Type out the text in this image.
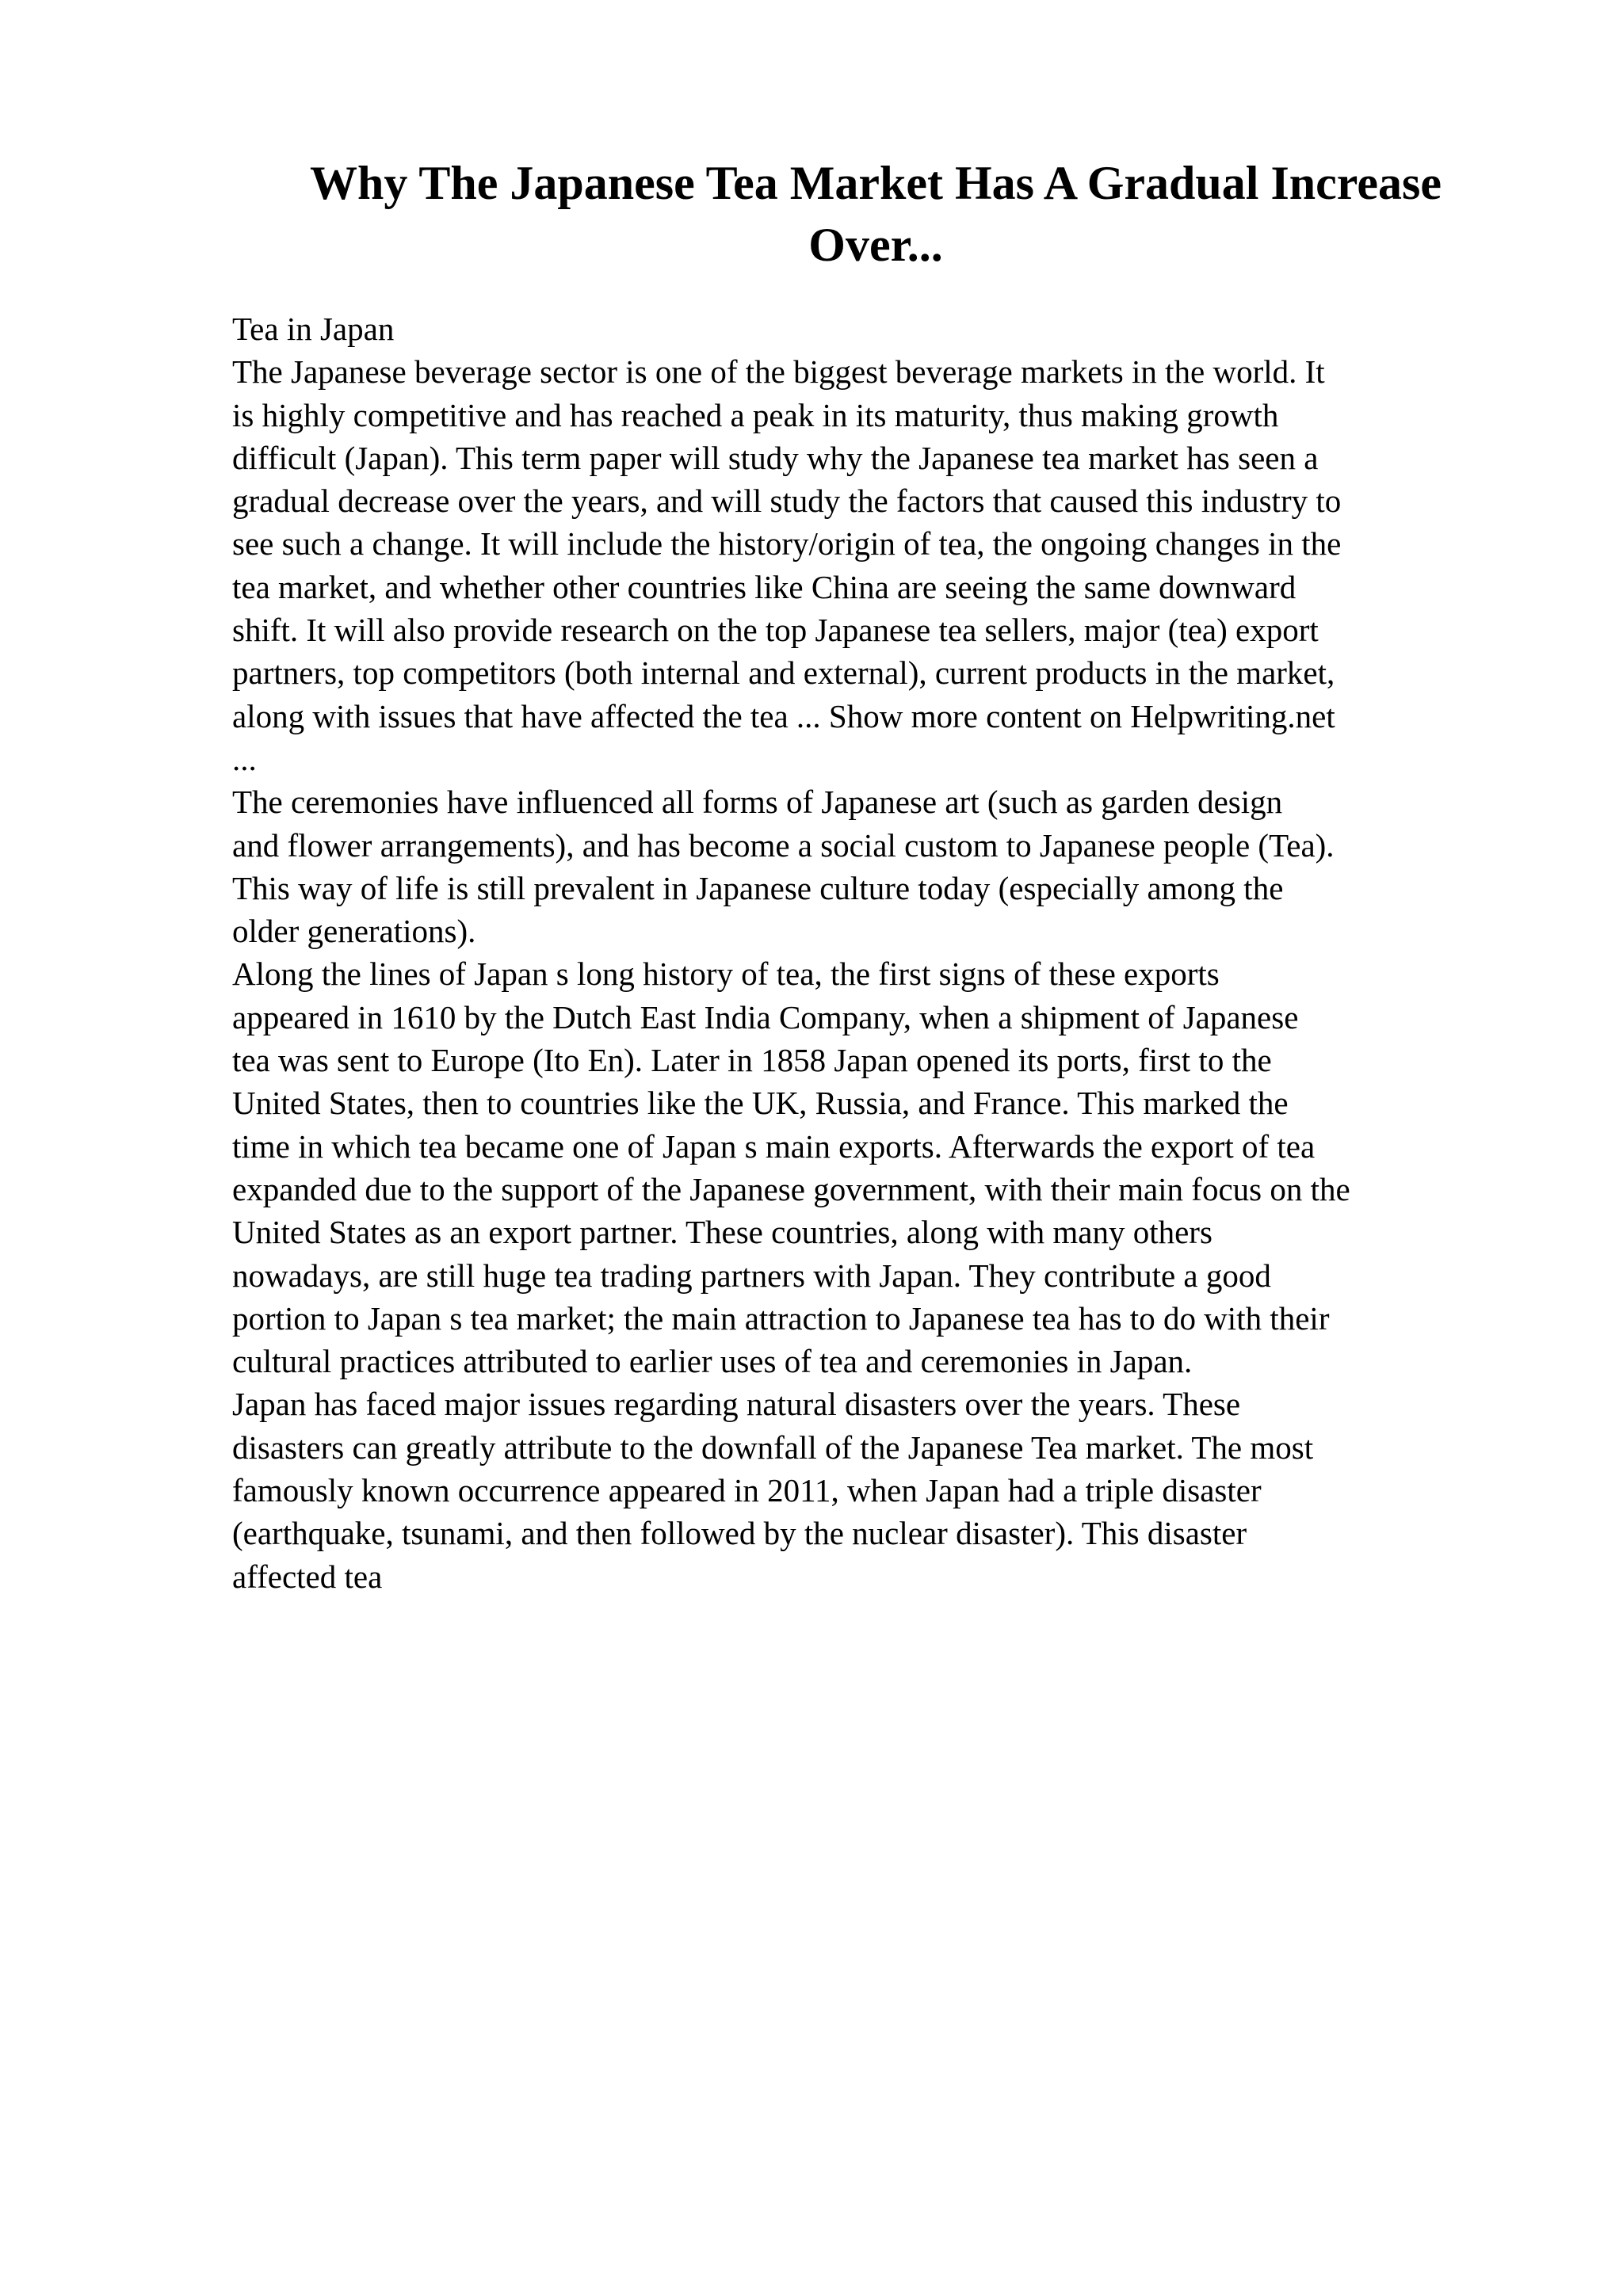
Why The Japanese Tea Market Has A Gradual Increase
Over...

Tea in Japan

The Japanese beverage sector is one of the biggest beverage markets in the world. It

is highly competitive and has reached a peak in its maturity, thus making growth

difficult (Japan). This term paper will study why the Japanese tea market has seen a

gradual decrease over the years, and will study the factors that caused this industry to

see such a change. It will include the history/origin of tea, the ongoing changes in the

tea market, and whether other countries like China are seeing the same downward

shift. It will also provide research on the top Japanese tea sellers, major (tea) export

partners, top competitors (both internal and external), current products in the market,

along with issues that have affected the tea ... Show more content on Helpwriting.net

...

The ceremonies have influenced all forms of Japanese art (such as garden design

and flower arrangements), and has become a social custom to Japanese people (Tea).

This way of life is still prevalent in Japanese culture today (especially among the

older generations).

Along the lines of Japan s long history of tea, the first signs of these exports

appeared in 1610 by the Dutch East India Company, when a shipment of Japanese

tea was sent to Europe (Ito En). Later in 1858 Japan opened its ports, first to the

United States, then to countries like the UK, Russia, and France. This marked the

time in which tea became one of Japan s main exports. Afterwards the export of tea

expanded due to the support of the Japanese government, with their main focus on the

United States as an export partner. These countries, along with many others

nowadays, are still huge tea trading partners with Japan. They contribute a good

portion to Japan s tea market; the main attraction to Japanese tea has to do with their

cultural practices attributed to earlier uses of tea and ceremonies in Japan.

Japan has faced major issues regarding natural disasters over the years. These

disasters can greatly attribute to the downfall of the Japanese Tea market. The most

famously known occurrence appeared in 2011, when Japan had a triple disaster

(earthquake, tsunami, and then followed by the nuclear disaster). This disaster

affected tea
